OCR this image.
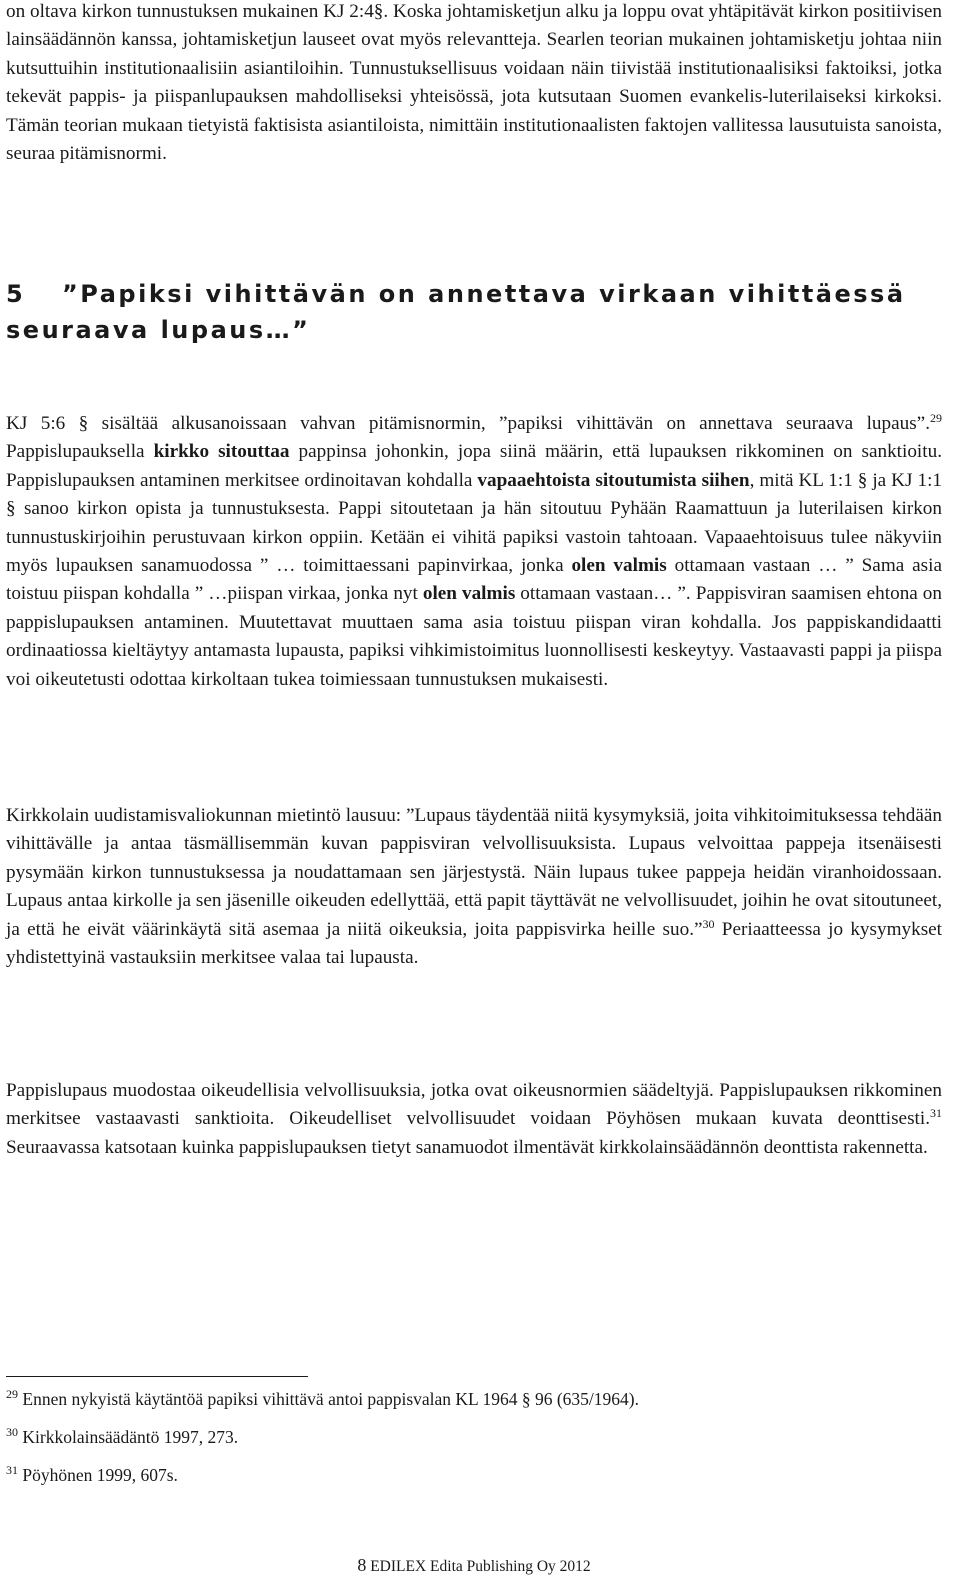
on oltava kirkon tunnustuksen mukainen KJ 2:4§. Koska johtamisketjun alku ja loppu ovat yhtäpitävät kirkon positiivisen lainsäädännön kanssa, johtamisketjun lauseet ovat myös relevantteja. Searlen teorian mukainen johtamisketju johtaa niin kutsuttuihin institutionaalisiin asiantiloihin. Tunnustuksellisuus voidaan näin tiivistää institutionaalisiksi faktoiksi, jotka tekevät pappis- ja piispanlupauksen mahdolliseksi yhteisössä, jota kutsutaan Suomen evankelis-luterilaiseksi kirkoksi. Tämän teorian mukaan tietyistä faktisista asiantiloista, nimittäin institutionaalisten faktojen vallitessa lausutuista sanoista, seuraa pitämisnormi.

5 ”Papiksi vihittävän on annettava virkaan vihittäessä seuraava lupaus…”

KJ 5:6 § sisältää alkusanoissaan vahvan pitämisnormin, ”papiksi vihittävän on annettava seuraava lupaus”.$^{29}$ Pappislupauksella kirkko sitouttaa pappinsa johonkin, jopa siinä määrin, että lupauksen rikkominen on sanktioitu. Pappislupauksen antaminen merkitsee ordinoitavan kohdalla vapaaehtoista sitoutumista siihen, mitä KL 1:1 § ja KJ 1:1 § sanoo kirkon opista ja tunnustuksesta. Pappi sitoutetaan ja hän sitoutuu Pyhään Raamattuun ja luterilaisen kirkon tunnustuskirjoihin perustuvaan kirkon oppiin. Ketään ei vihitä papiksi vastoin tahtoaan. Vapaaehtoisuus tulee näkyviin myös lupauksen sanamuodossa ” … toimittaessani papinvirkaa, jonka olen valmis ottamaan vastaan … ” Sama asia toistuu piispan kohdalla ” …piispan virkaa, jonka nyt olen valmis ottamaan vastaan… ”. Pappisviran saamisen ehtona on pappislupauksen antaminen. Muutettavat muuttaen sama asia toistuu piispan viran kohdalla. Jos pappiskandidaatti ordinaatiossa kieltäytyy antamasta lupausta, papiksi vihkimistoimitus luonnollisesti keskeytyy. Vastaavasti pappi ja piispa voi oikeutetusti odottaa kirkoltaan tukea toimiessaan tunnustuksen mukaisesti.

Kirkkolain uudistamisvaliokunnan mietintö lausuu: ”Lupaus täydentää niitä kysymyksiä, joita vihkitoimituksessa tehdään vihittävälle ja antaa täsmällisemmän kuvan pappisviran velvollisuuksista. Lupaus velvoittaa pappeja itsenäisesti pysymään kirkon tunnustuksessa ja noudattamaan sen järjestystä. Näin lupaus tukee pappeja heidän viranhoidossaan. Lupaus antaa kirkolle ja sen jäsenille oikeuden edellyttää, että papit täyttävät ne velvollisuudet, joihin he ovat sitoutuneet, ja että he eivät väärinkäytä sitä asemaa ja niitä oikeuksia, joita pappisvirka heille suo.”$^{30}$ Periaatteessa jo kysymykset yhdistettyinä vastauksiin merkitsee valaa tai lupausta.

Pappislupaus muodostaa oikeudellisia velvollisuuksia, jotka ovat oikeusnormien säädeltyjä. Pappislupauksen rikkominen merkitsee vastaavasti sanktioita. Oikeudelliset velvollisuudet voidaan Pöyhösen mukaan kuvata deonttisesti.$^{31}$ Seuraavassa katsotaan kuinka pappislupauksen tietyt sanamuodot ilmentävät kirkkolainsäädännön deonttista rakennetta.

$^{29}$ Ennen nykyistä käytäntöä papiksi vihittävä antoi pappisvalan KL 1964 § 96 (635/1964).

$^{30}$ Kirkkolainsäädäntö 1997, 273.

$^{31}$ Pöyhönen 1999, 607s.

8 EDILEX Edita Publishing Oy 2012
